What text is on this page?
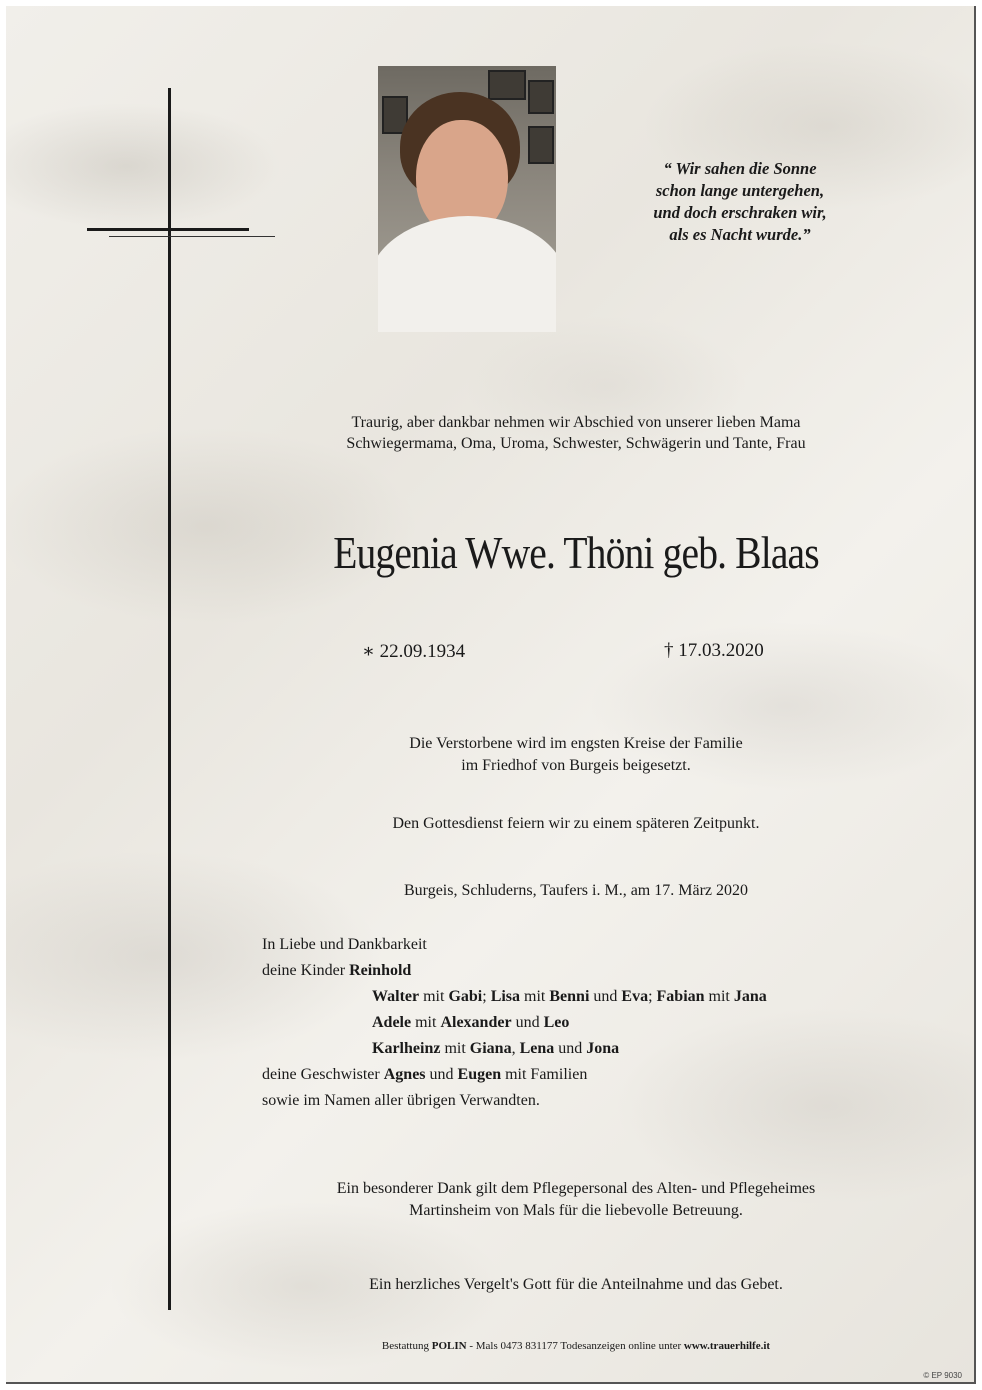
“ Wir sahen die Sonne
schon lange untergehen,
und doch erschraken wir,
als es Nacht wurde.”
Traurig, aber dankbar nehmen wir Abschied von unserer lieben Mama
Schwiegermama, Oma, Uroma, Schwester, Schwägerin und Tante, Frau
Eugenia Wwe. Thöni geb. Blaas
∗ 22.09.1934	† 17.03.2020
Die Verstorbene wird im engsten Kreise der Familie
im Friedhof von Burgeis beigesetzt.
Den Gottesdienst feiern wir zu einem späteren Zeitpunkt.
Burgeis, Schluderns, Taufers i. M., am 17. März 2020
In Liebe und Dankbarkeit
deine Kinder Reinhold
Walter mit Gabi; Lisa mit Benni und Eva; Fabian mit Jana
Adele mit Alexander und Leo
Karlheinz mit Giana, Lena und Jona
deine Geschwister Agnes und Eugen mit Familien
sowie im Namen aller übrigen Verwandten.
Ein besonderer Dank gilt dem Pflegepersonal des Alten- und Pflegeheimes
Martinsheim von Mals für die liebevolle Betreuung.
Ein herzliches Vergelt's Gott für die Anteilnahme und das Gebet.
Bestattung POLIN - Mals 0473 831177 Todesanzeigen online unter www.trauerhilfe.it
© EP 9030
